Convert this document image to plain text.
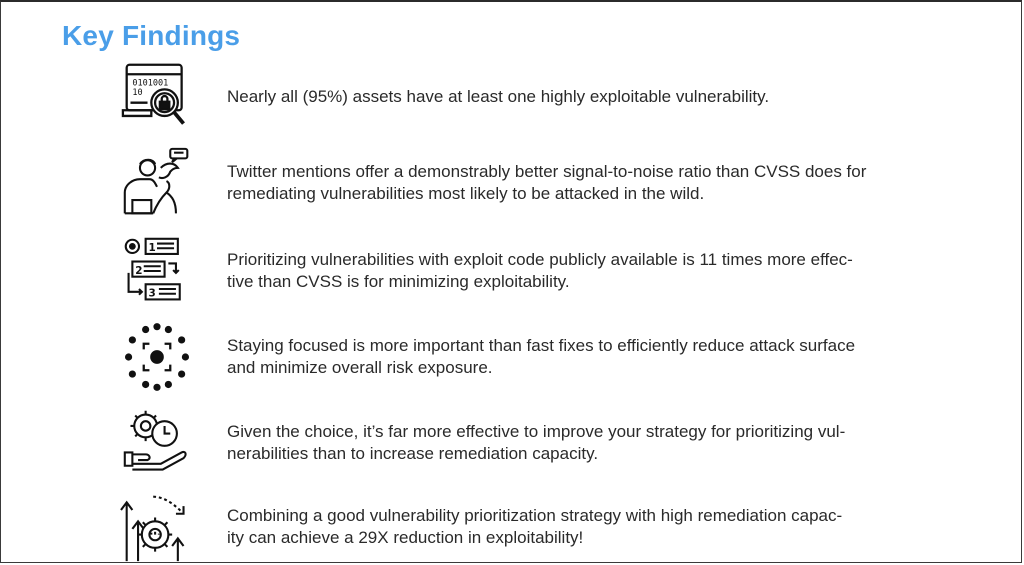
Key Findings
0101001
10	Nearly all (95%) assets have at least one highly exploitable vulnerability.
Twitter mentions offer a demonstrably better signal-to-noise ratio than CVSS does for
remediating vulnerabilities most likely to be attacked in the wild.
1
2
3
Prioritizing vulnerabilities with exploit code publicly available is 11 times more effec-
tive than CVSS is for minimizing exploitability.
Staying focused is more important than fast fixes to efficiently reduce attack surface
and minimize overall risk exposure.
Given the choice, it’s far more effective to improve your strategy for prioritizing vul-
nerabilities than to increase remediation capacity.
Combining a good vulnerability prioritization strategy with high remediation capac-
ity can achieve a 29X reduction in exploitability!
